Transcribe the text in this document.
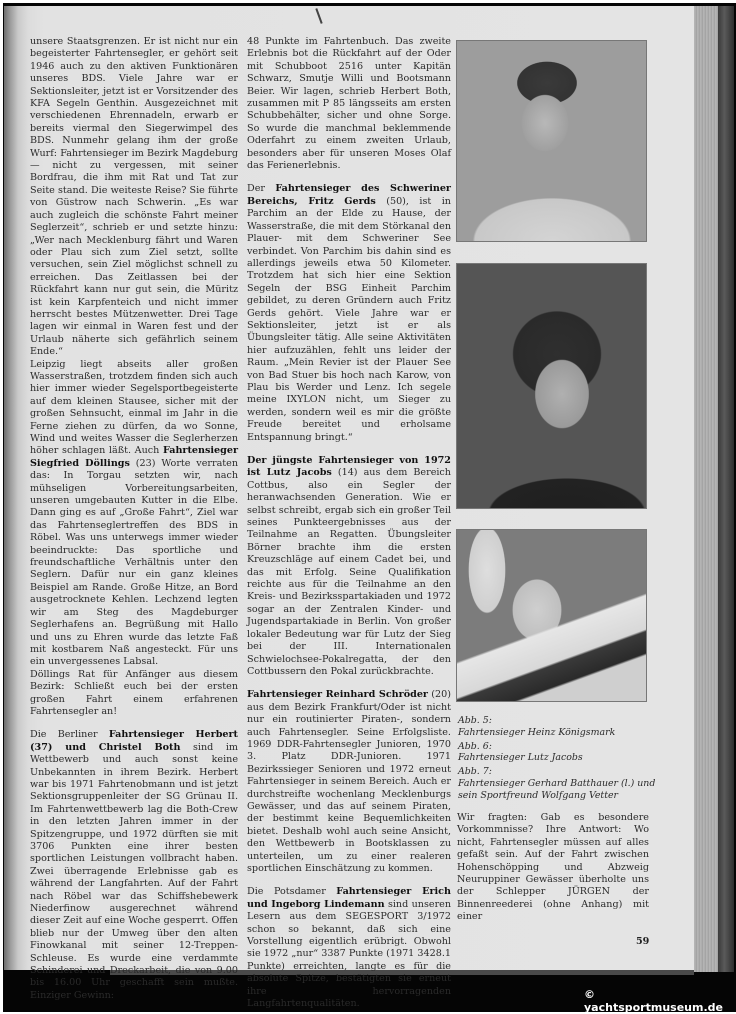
unsere Staatsgrenzen. Er ist nicht nur ein begeisterter Fahrtensegler, er gehört seit 1946 auch zu den aktiven Funktionären unseres BDS. Viele Jahre war er Sektionsleiter, jetzt ist er Vorsitzender des KFA Segeln Genthin. Ausgezeichnet mit verschiedenen Ehrennadeln, erwarb er bereits viermal den Siegerwimpel des BDS. Nunmehr gelang ihm der große Wurf: Fahrtensieger im Bezirk Magdeburg — nicht zu vergessen, mit seiner Bordfrau, die ihm mit Rat und Tat zur Seite stand. Die weiteste Reise? Sie führte von Güstrow nach Schwerin. „Es war auch zugleich die schönste Fahrt meiner Seglerzeit“, schrieb er und setzte hinzu: „Wer nach Mecklenburg fährt und Waren oder Plau sich zum Ziel setzt, sollte versuchen, sein Ziel möglichst schnell zu erreichen. Das Zeitlassen bei der Rückfahrt kann nur gut sein, die Müritz ist kein Karpfenteich und nicht immer herrscht bestes Mützenwetter. Drei Tage lagen wir einmal in Waren fest und der Urlaub näherte sich gefährlich seinem Ende.“

Leipzig liegt abseits aller großen Wasserstraßen, trotzdem finden sich auch hier immer wieder Segelsportbegeisterte auf dem kleinen Stausee, sicher mit der großen Sehnsucht, einmal im Jahr in die Ferne ziehen zu dürfen, da wo Sonne, Wind und weites Wasser die Seglerherzen höher schlagen läßt. Auch Fahrtensieger Siegfried Döllings (23) Worte verraten das: In Torgau setzten wir, nach mühseligen Vorbereitungsarbeiten, unseren umgebauten Kutter in die Elbe. Dann ging es auf „Große Fahrt“, Ziel war das Fahrtenseglertreffen des BDS in Röbel. Was uns unterwegs immer wieder beeindruckte: Das sportliche und freundschaftliche Verhältnis unter den Seglern. Dafür nur ein ganz kleines Beispiel am Rande. Große Hitze, an Bord ausgetrocknete Kehlen. Lechzend legten wir am Steg des Magdeburger Seglerhafens an. Begrüßung mit Hallo und uns zu Ehren wurde das letzte Faß mit kostbarem Naß angesteckt. Für uns ein unvergessenes Labsal.

Döllings Rat für Anfänger aus diesem Bezirk: Schließt euch bei der ersten großen Fahrt einem erfahrenen Fahrtensegler an!

Die Berliner Fahrtensieger Herbert (37) und Christel Both sind im Wettbewerb und auch sonst keine Unbekannten in ihrem Bezirk. Herbert war bis 1971 Fahrtenobmann und ist jetzt Sektionsgruppenleiter der SG Grünau II. Im Fahrtenwettbewerb lag die Both-Crew in den letzten Jahren immer in der Spitzengruppe, und 1972 dürften sie mit 3706 Punkten eine ihrer besten sportlichen Leistungen vollbracht haben. Zwei überragende Erlebnisse gab es während der Langfahrten. Auf der Fahrt nach Röbel war das Schiffshebewerk Niederfinow ausgerechnet während dieser Zeit auf eine Woche gesperrt. Offen blieb nur der Umweg über den alten Finowkanal mit seiner 12-Treppen-Schleuse. Es wurde eine verdammte Schinderei und Dreckarbeit, die von 9.00 bis 16.00 Uhr geschafft sein mußte. Einziger Gewinn:

48 Punkte im Fahrtenbuch. Das zweite Erlebnis bot die Rückfahrt auf der Oder mit Schubboot 2516 unter Kapitän Schwarz, Smutje Willi und Bootsmann Beier. Wir lagen, schrieb Herbert Both, zusammen mit P 85 längsseits am ersten Schubbehälter, sicher und ohne Sorge. So wurde die manchmal beklemmende Oderfahrt zu einem zweiten Urlaub, besonders aber für unseren Moses Olaf das Ferienerlebnis.

Der Fahrtensieger des Schweriner Bereichs, Fritz Gerds (50), ist in Parchim an der Elde zu Hause, der Wasserstraße, die mit dem Störkanal den Plauer- mit dem Schweriner See verbindet. Von Parchim bis dahin sind es allerdings jeweils etwa 50 Kilometer. Trotzdem hat sich hier eine Sektion Segeln der BSG Einheit Parchim gebildet, zu deren Gründern auch Fritz Gerds gehört. Viele Jahre war er Sektionsleiter, jetzt ist er als Übungsleiter tätig. Alle seine Aktivitäten hier aufzuzählen, fehlt uns leider der Raum. „Mein Revier ist der Plauer See von Bad Stuer bis hoch nach Karow, von Plau bis Werder und Lenz. Ich segele meine IXYLON nicht, um Sieger zu werden, sondern weil es mir die größte Freude bereitet und erholsame Entspannung bringt.“

Der jüngste Fahrtensieger von 1972 ist Lutz Jacobs (14) aus dem Bereich Cottbus, also ein Segler der heranwachsenden Generation. Wie er selbst schreibt, ergab sich ein großer Teil seines Punkteergebnisses aus der Teilnahme an Regatten. Übungsleiter Börner brachte ihm die ersten Kreuzschläge auf einem Cadet bei, und das mit Erfolg. Seine Qualifikation reichte aus für die Teilnahme an den Kreis- und Bezirksspartakiaden und 1972 sogar an der Zentralen Kinder- und Jugendspartakiade in Berlin. Von großer lokaler Bedeutung war für Lutz der Sieg bei der III. Internationalen Schwielochsee-Pokalregatta, der den Cottbussern den Pokal zurückbrachte.

Fahrtensieger Reinhard Schröder (20) aus dem Bezirk Frankfurt/Oder ist nicht nur ein routinierter Piraten-, sondern auch Fahrtensegler. Seine Erfolgsliste. 1969 DDR-Fahrtensegler Junioren, 1970 3. Platz DDR-Junioren. 1971 Bezirkssieger Senioren und 1972 erneut Fahrtensieger in seinem Bereich. Auch er durchstreifte wochenlang Mecklenburgs Gewässer, und das auf seinem Piraten, der bestimmt keine Bequemlichkeiten bietet. Deshalb wohl auch seine Ansicht, den Wettbewerb in Bootsklassen zu unterteilen, um zu einer realeren sportlichen Einschätzung zu kommen.

Die Potsdamer Fahrtensieger Erich und Ingeborg Lindemann sind unseren Lesern aus dem SEGESPORT 3/1972 schon so bekannt, daß sich eine Vorstellung eigentlich erübrigt. Obwohl sie 1972 „nur“ 3387 Punkte (1971 3428.1 Punkte) erreichten, langte es für die absolute Spitze, bestätigten sie erneut ihre hervorragenden Langfahrtenqualitäten.

Abb. 5:
Fahrtensieger Heinz Königsmark
Abb. 6:
Fahrtensieger Lutz Jacobs
Abb. 7:
Fahrtensieger Gerhard Batthauer (l.) und sein Sportfreund Wolfgang Vetter

Wir fragten: Gab es besondere Vorkommnisse? Ihre Antwort: Wo nicht, Fahrtensegler müssen auf alles gefaßt sein. Auf der Fahrt zwischen Hohenschöpping und Abzweig Neuruppiner Gewässer überholte uns der Schlepper JÜRGEN der Binnenreederei (ohne Anhang) mit einer

59
© yachtsportmuseum.de
